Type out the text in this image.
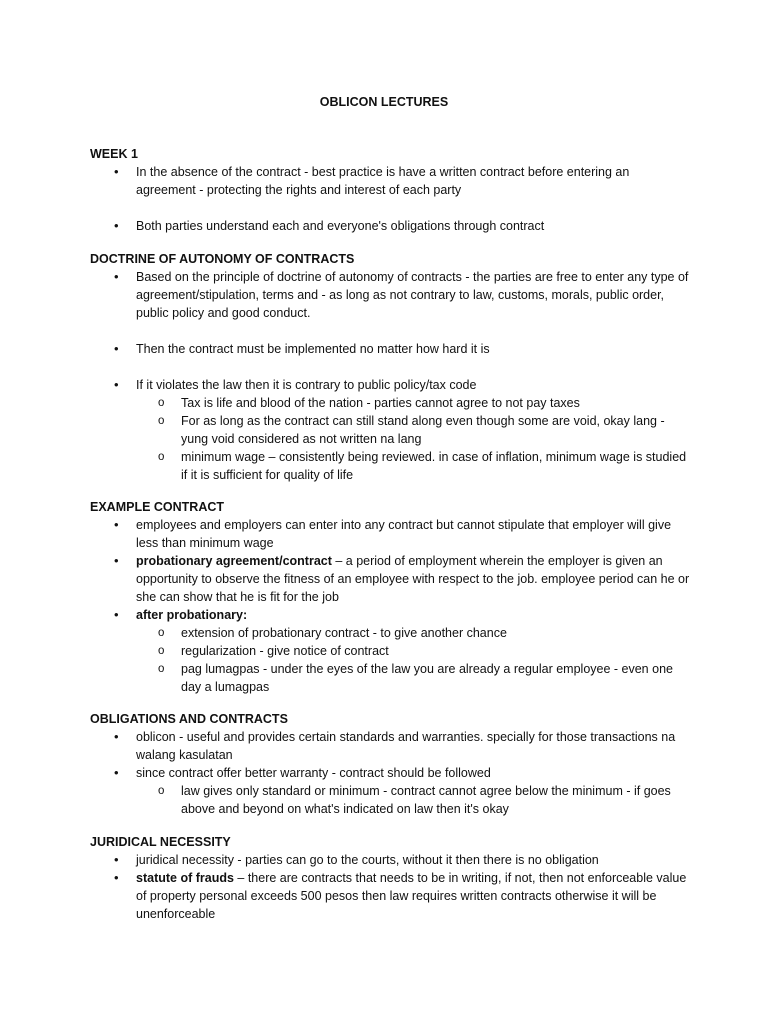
OBLICON LECTURES
WEEK 1
• In the absence of the contract - best practice is have a written contract before entering an agreement - protecting the rights and interest of each party
• Both parties understand each and everyone's obligations through contract
DOCTRINE OF AUTONOMY OF CONTRACTS
• Based on the principle of doctrine of autonomy of contracts - the parties are free to enter any type of agreement/stipulation, terms and - as long as not contrary to law, customs, morals, public order, public policy and good conduct.
• Then the contract must be implemented no matter how hard it is
• If it violates the law then it is contrary to public policy/tax code
o Tax is life and blood of the nation - parties cannot agree to not pay taxes
o For as long as the contract can still stand along even though some are void, okay lang - yung void considered as not written na lang
o minimum wage – consistently being reviewed. in case of inflation, minimum wage is studied if it is sufficient for quality of life
EXAMPLE CONTRACT
• employees and employers can enter into any contract but cannot stipulate that employer will give less than minimum wage
• probationary agreement/contract – a period of employment wherein the employer is given an opportunity to observe the fitness of an employee with respect to the job. employee period can he or she can show that he is fit for the job
• after probationary:
o extension of probationary contract - to give another chance
o regularization - give notice of contract
o pag lumagpas - under the eyes of the law you are already a regular employee - even one day a lumagpas
OBLIGATIONS AND CONTRACTS
• oblicon - useful and provides certain standards and warranties. specially for those transactions na walang kasulatan
• since contract offer better warranty - contract should be followed
o law gives only standard or minimum - contract cannot agree below the minimum - if goes above and beyond on what's indicated on law then it's okay
JURIDICAL NECESSITY
• juridical necessity - parties can go to the courts, without it then there is no obligation
• statute of frauds – there are contracts that needs to be in writing, if not, then not enforceable value of property personal exceeds 500 pesos then law requires written contracts otherwise it will be unenforceable
